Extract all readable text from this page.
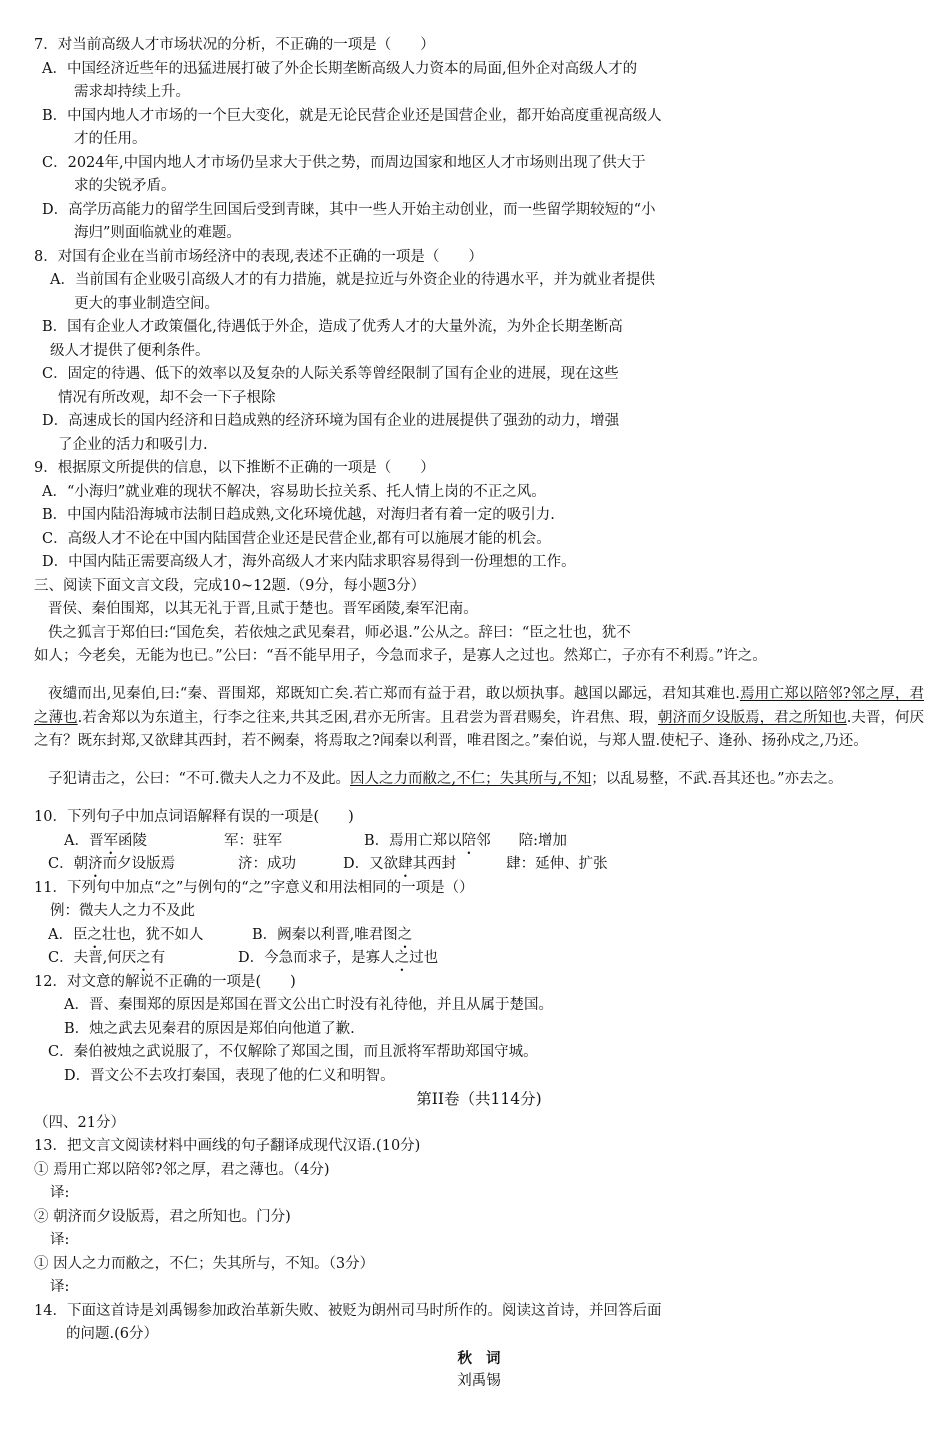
7．对当前高级人才市场状况的分析，不正确的一项是（　　）

A．中国经济近些年的迅猛进展打破了外企长期垄断高级人力资本的局面,但外企对高级人才的

需求却持续上升。

B．中国内地人才市场的一个巨大变化，就是无论民营企业还是国营企业，都开始高度重视高级人

才的任用。

C．2024年,中国内地人才市场仍呈求大于供之势，而周边国家和地区人才市场则出现了供大于

求的尖锐矛盾。

D．高学历高能力的留学生回国后受到青睐，其中一些人开始主动创业，而一些留学期较短的“小

海归”则面临就业的难题。

8．对国有企业在当前市场经济中的表现,表述不正确的一项是（　　）

A．当前国有企业吸引高级人才的有力措施，就是拉近与外资企业的待遇水平，并为就业者提供

更大的事业制造空间。

B．国有企业人才政策僵化,待遇低于外企，造成了优秀人才的大量外流，为外企长期垄断高

级人才提供了便利条件。

C．固定的待遇、低下的效率以及复杂的人际关系等曾经限制了国有企业的进展，现在这些

情况有所改观，却不会一下子根除

D．高速成长的国内经济和日趋成熟的经济环境为国有企业的进展提供了强劲的动力，增强

了企业的活力和吸引力.

9．根据原文所提供的信息，以下推断不正确的一项是（　　）

A．“小海归”就业难的现状不解决，容易助长拉关系、托人情上岗的不正之风。

B．中国内陆沿海城市法制日趋成熟,文化环境优越，对海归者有着一定的吸引力.

C．高级人才不论在中国内陆国营企业还是民营企业,都有可以施展才能的机会。

D．中国内陆正需要高级人才，海外高级人才来内陆求职容易得到一份理想的工作。

三、阅读下面文言文段，完成10~12题.（9分，每小题3分）

晋侯、秦伯围郑，以其无礼于晋,且贰于楚也。晋军函陵,秦军汜南。

佚之狐言于郑伯曰:“国危矣，若依烛之武见秦君，师必退.”公从之。辞曰：“臣之壮也，犹不

如人；今老矣，无能为也已。”公曰：“吾不能早用子，今急而求子，是寡人之过也。然郑亡，子亦有不利焉。”许之。

夜缱而出,见秦伯,曰:“秦、晋围郑，郑既知亡矣.若亡郑而有益于君，敢以烦执事。越国以鄙远，君知其难也.焉用亡郑以陪邻?邻之厚，君之薄也.若舍郑以为东道主，行李之往来,共其乏困,君亦无所害。且君尝为晋君赐矣，许君焦、瑕，朝济而夕设版焉，君之所知也.夫晋，何厌之有？既东封郑,又欲肆其西封，若不阙秦，将焉取之?闻秦以利晋，唯君图之。”秦伯说，与郑人盟.使杞子、逢孙、扬孙戍之,乃还。

子犯请击之，公曰：“不可.微夫人之力不及此。因人之力而敝之,不仁；失其所与,不知；以乱易整，不武.吾其还也。”亦去之。

10．下列句子中加点词语解释有误的一项是(　　)

A．晋军函陵	军：驻军	B．焉用亡郑以陪邻 陪:增加

C．朝济而夕设版焉	济：成功	D．又欲肆其西封	肆：延伸、扩张

11．下列句中加点“之”与例句的“之”字意义和用法相同的一项是（）

例：微夫人之力不及此

A．臣之壮也，犹不如人	B．阙秦以利晋,唯君图之

C．夫晋,何厌之有	D．今急而求子，是寡人之过也

12．对文意的解说不正确的一项是(　　)

A．晋、秦围郑的原因是郑国在晋文公出亡时没有礼待他，并且从属于楚国。

B．烛之武去见秦君的原因是郑伯向他道了歉.

C．秦伯被烛之武说服了，不仅解除了郑国之围，而且派将军帮助郑国守城。

D．晋文公不去攻打秦国，表现了他的仁义和明智。

第II卷（共114分)

（四、21分）

13．把文言文阅读材料中画线的句子翻译成现代汉语.(10分)

① 焉用亡郑以陪邻?邻之厚，君之薄也。（4分)

译:

② 朝济而夕设版焉，君之所知也。门分)

译:

① 因人之力而敝之，不仁；失其所与，不知。（3分）

译:

14．下面这首诗是刘禹锡参加政治革新失败、被贬为朗州司马时所作的。阅读这首诗，并回答后面

的问题.(6分）

秋词

刘禹锡
